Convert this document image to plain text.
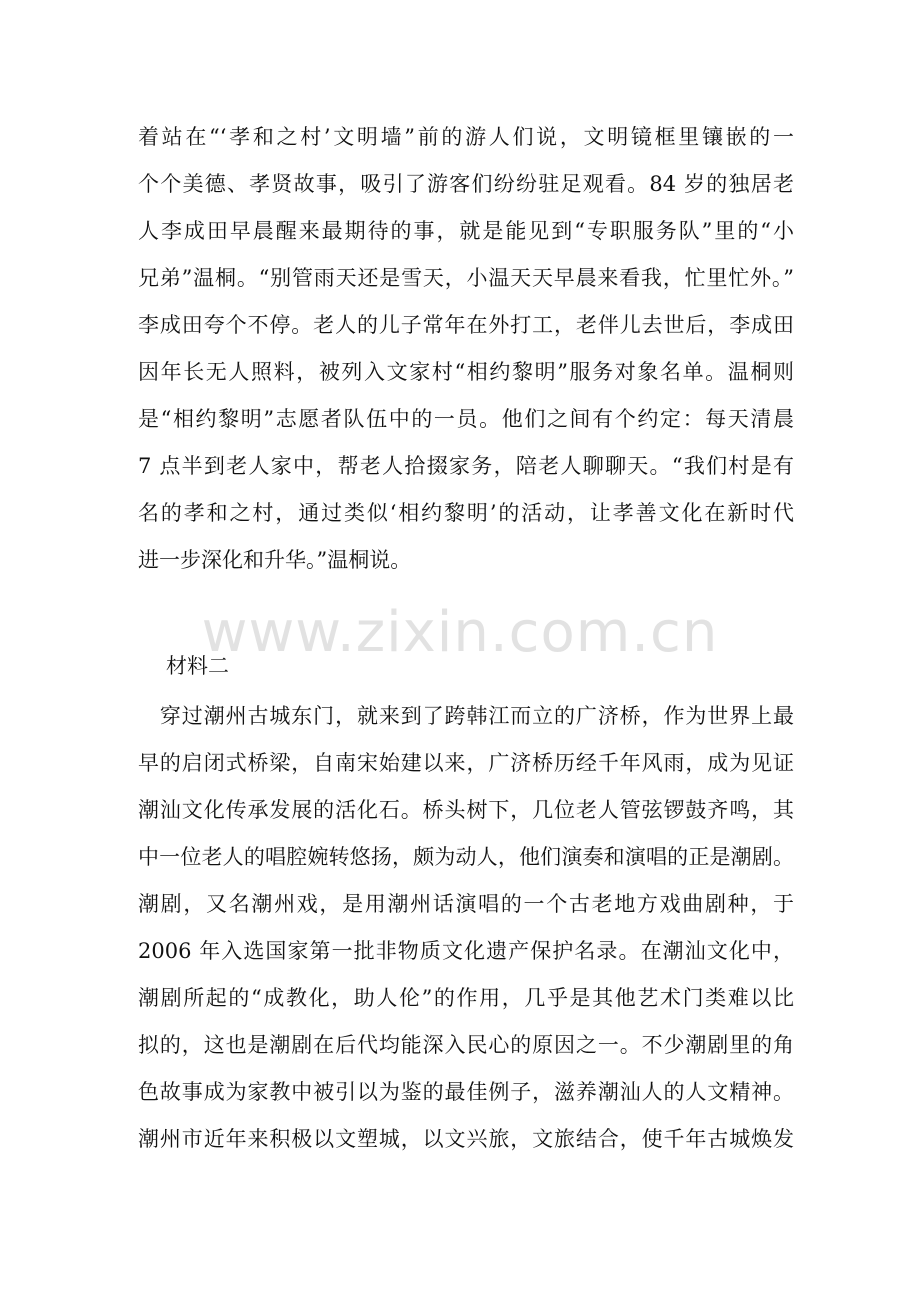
着站在“‘孝和之村’文明墙”前的游人们说，文明镜框里镶嵌的一
个个美德、孝贤故事，吸引了游客们纷纷驻足观看。84 岁的独居老
人李成田早晨醒来最期待的事，就是能见到“专职服务队”里的“小
兄弟”温桐。“别管雨天还是雪天，小温天天早晨来看我，忙里忙外。”
李成田夸个不停。老人的儿子常年在外打工，老伴儿去世后，李成田
因年长无人照料，被列入文家村“相约黎明”服务对象名单。温桐则
是“相约黎明”志愿者队伍中的一员。他们之间有个约定：每天清晨
7 点半到老人家中，帮老人拾掇家务，陪老人聊聊天。“我们村是有
名的孝和之村，通过类似‘相约黎明’的活动，让孝善文化在新时代
进一步深化和升华。”温桐说。
www.zixin.com.cn
材料二
　穿过潮州古城东门，就来到了跨韩江而立的广济桥，作为世界上最
早的启闭式桥梁，自南宋始建以来，广济桥历经千年风雨，成为见证
潮汕文化传承发展的活化石。桥头树下，几位老人管弦锣鼓齐鸣，其
中一位老人的唱腔婉转悠扬，颇为动人，他们演奏和演唱的正是潮剧。
潮剧，又名潮州戏，是用潮州话演唱的一个古老地方戏曲剧种，于
2006 年入选国家第一批非物质文化遗产保护名录。在潮汕文化中，
潮剧所起的“成教化，助人伦”的作用，几乎是其他艺术门类难以比
拟的，这也是潮剧在后代均能深入民心的原因之一。不少潮剧里的角
色故事成为家教中被引以为鉴的最佳例子，滋养潮汕人的人文精神。
潮州市近年来积极以文塑城，以文兴旅，文旅结合，使千年古城焕发
